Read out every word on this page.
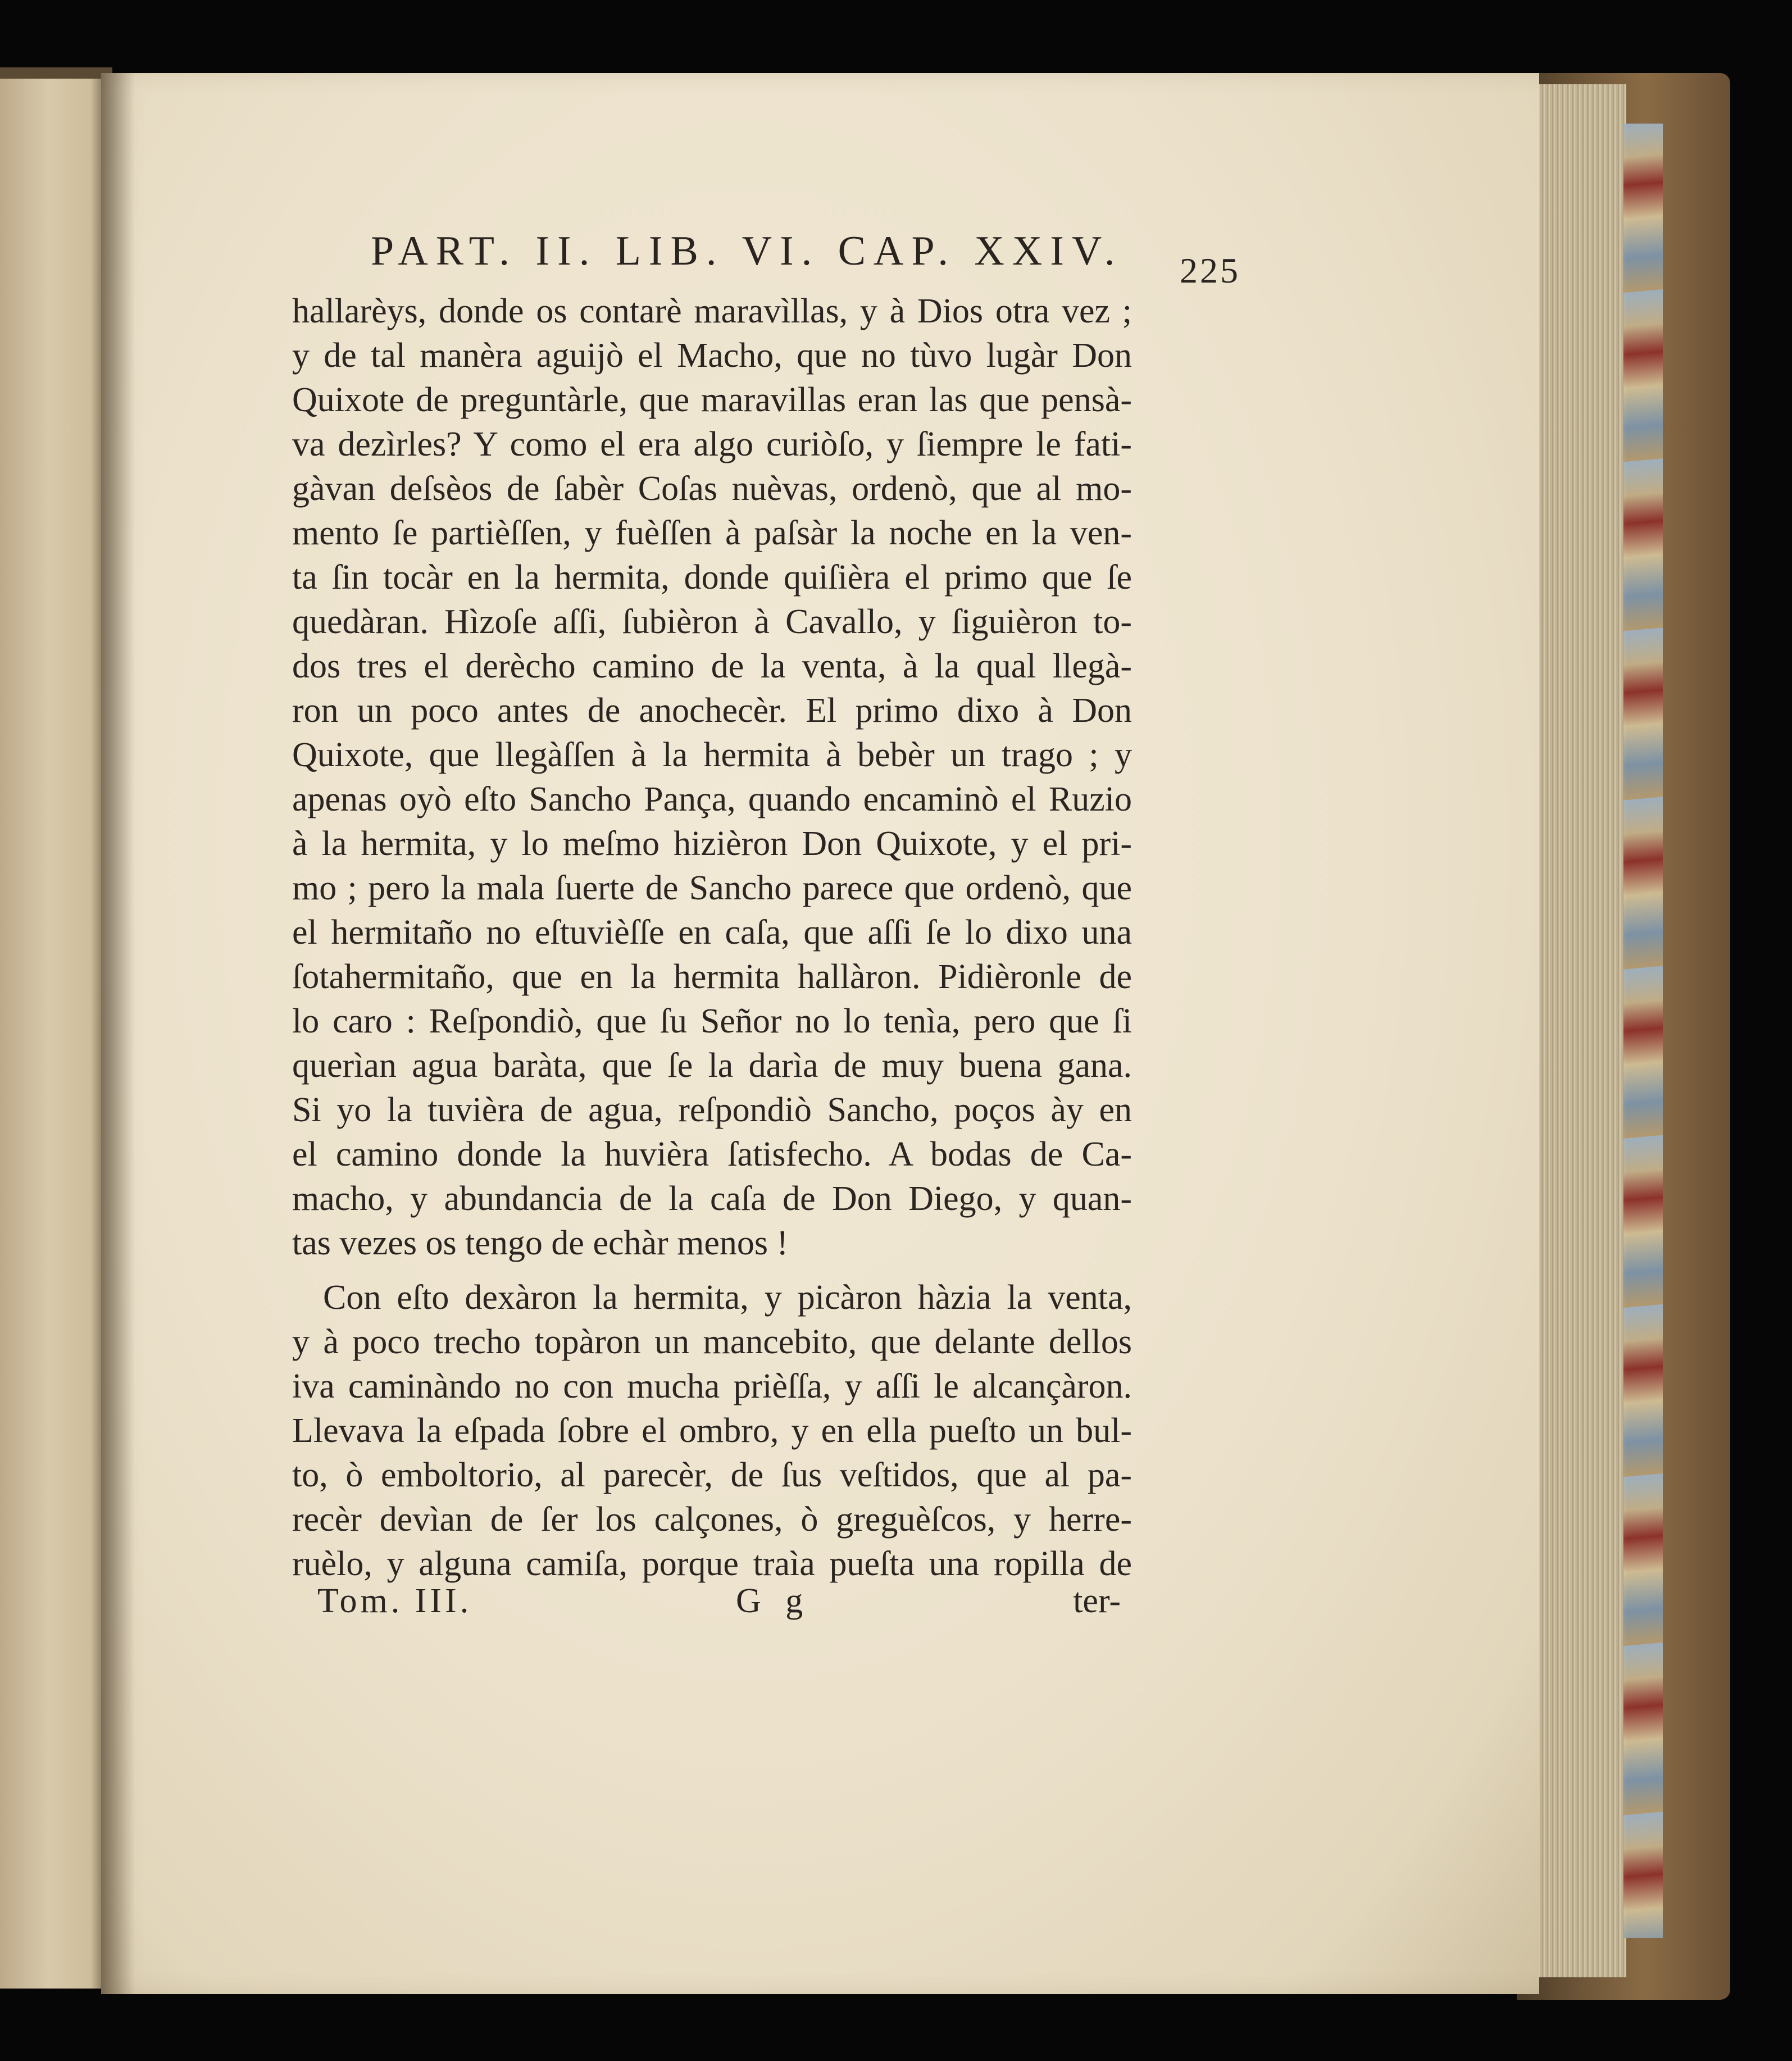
PART. II. LIB. VI. CAP. XXIV. 225
hallarèys, donde os contarè maravìllas, y à Dios otra vez ;
y de tal manèra aguijò el Macho, que no tùvo lugàr Don
Quixote de preguntàrle, que maravillas eran las que pensà-
va dezìrles? Y como el era algo curiòſo, y ſiempre le fati-
gàvan deſsèos de ſabèr Coſas nuèvas, ordenò, que al mo-
mento ſe partièſſen, y fuèſſen à paſsàr la noche en la ven-
ta ſin tocàr en la hermita, donde quiſièra el primo que ſe
quedàran. Hìzoſe aſſi, ſubièron à Cavallo, y ſiguièron to-
dos tres el derècho camino de la venta, à la qual llegà-
ron un poco antes de anochecèr. El primo dixo à Don
Quixote, que llegàſſen à la hermita à bebèr un trago ; y
apenas oyò eſto Sancho Pança, quando encaminò el Ruzio
à la hermita, y lo meſmo hizièron Don Quixote, y el pri-
mo ; pero la mala ſuerte de Sancho parece que ordenò, que
el hermitaño no eſtuvièſſe en caſa, que aſſi ſe lo dixo una
ſotahermitaño, que en la hermita hallàron. Pidièronle de
lo caro : Reſpondiò, que ſu Señor no lo tenìa, pero que ſi
querìan agua baràta, que ſe la darìa de muy buena gana.
Si yo la tuvièra de agua, reſpondiò Sancho, poços ày en
el camino donde la huvièra ſatisfecho. A bodas de Ca-
macho, y abundancia de la caſa de Don Diego, y quan-
tas vezes os tengo de echàr menos !
Con eſto dexàron la hermita, y picàron hàzia la venta,
y à poco trecho topàron un mancebito, que delante dellos
iva caminàndo no con mucha prièſſa, y aſſi le alcançàron.
Llevava la eſpada ſobre el ombro, y en ella pueſto un bul-
to, ò emboltorio, al parecèr, de ſus veſtidos, que al pa-
recèr devìan de ſer los calçones, ò greguèſcos, y herre-
ruèlo, y alguna camiſa, porque traìa pueſta una ropilla de
Tom. III.	G g	ter-
